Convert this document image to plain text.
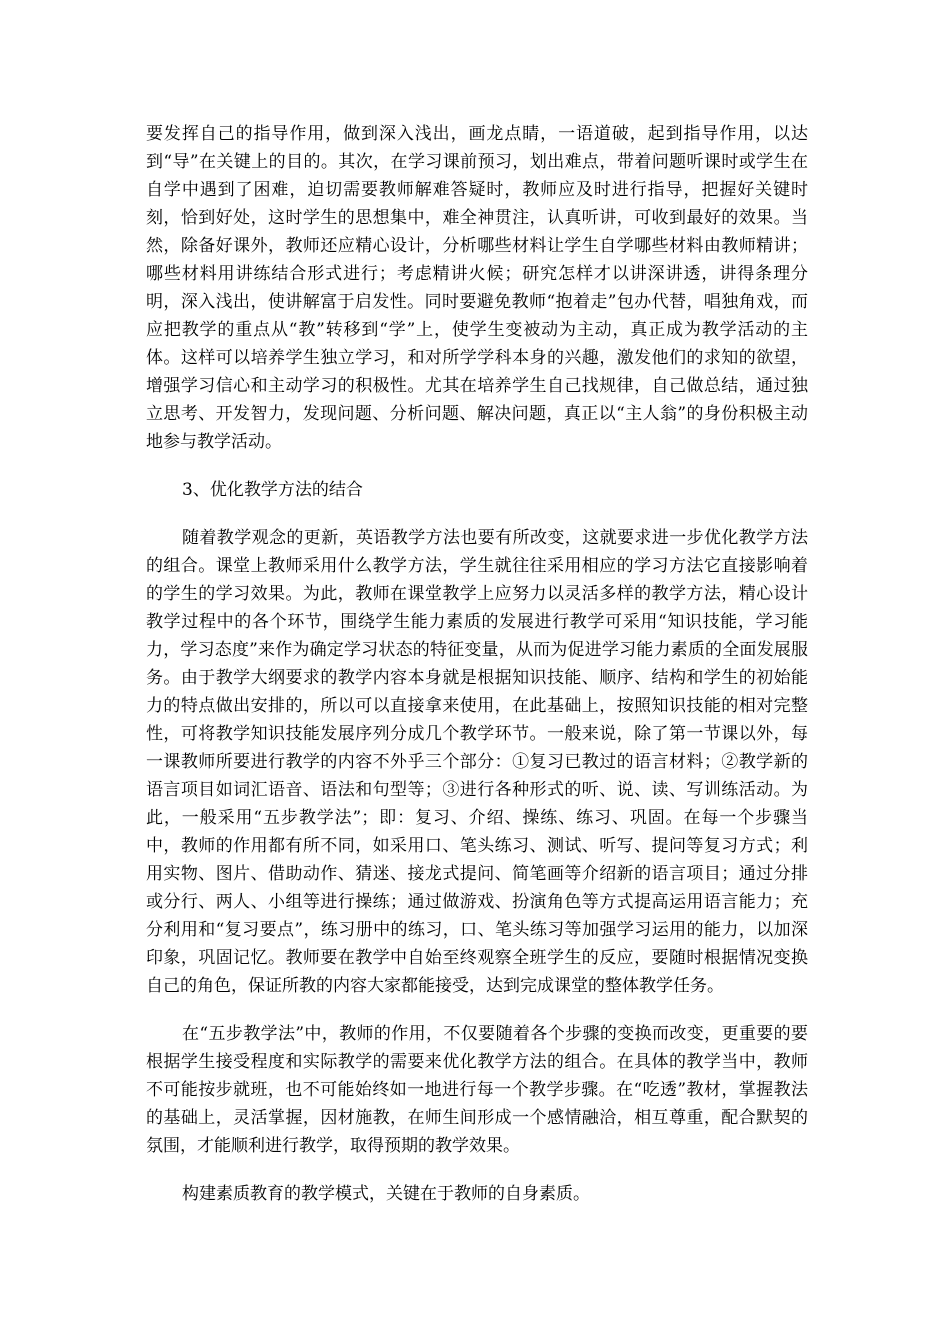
要发挥自己的指导作用，做到深入浅出，画龙点睛，一语道破，起到指导作用，以达到“导”在关键上的目的。其次，在学习课前预习，划出难点，带着问题听课时或学生在自学中遇到了困难，迫切需要教师解难答疑时，教师应及时进行指导，把握好关键时刻，恰到好处，这时学生的思想集中，难全神贯注，认真听讲，可收到最好的效果。当然，除备好课外，教师还应精心设计，分析哪些材料让学生自学哪些材料由教师精讲；哪些材料用讲练结合形式进行；考虑精讲火候；研究怎样才以讲深讲透，讲得条理分明，深入浅出，使讲解富于启发性。同时要避免教师“抱着走”包办代替，唱独角戏，而应把教学的重点从“教”转移到“学”上，使学生变被动为主动，真正成为教学活动的主体。这样可以培养学生独立学习，和对所学学科本身的兴趣，激发他们的求知的欲望，增强学习信心和主动学习的积极性。尤其在培养学生自己找规律，自己做总结，通过独立思考、开发智力，发现问题、分析问题、解决问题，真正以“主人翁”的身份积极主动地参与教学活动。

3、优化教学方法的结合

随着教学观念的更新，英语教学方法也要有所改变，这就要求进一步优化教学方法的组合。课堂上教师采用什么教学方法，学生就往往采用相应的学习方法它直接影响着的学生的学习效果。为此，教师在课堂教学上应努力以灵活多样的教学方法，精心设计教学过程中的各个环节，围绕学生能力素质的发展进行教学可采用“知识技能，学习能力，学习态度”来作为确定学习状态的特征变量，从而为促进学习能力素质的全面发展服务。由于教学大纲要求的教学内容本身就是根据知识技能、顺序、结构和学生的初始能力的特点做出安排的，所以可以直接拿来使用，在此基础上，按照知识技能的相对完整性，可将教学知识技能发展序列分成几个教学环节。一般来说，除了第一节课以外，每一课教师所要进行教学的内容不外乎三个部分：①复习已教过的语言材料；②教学新的语言项目如词汇语音、语法和句型等；③进行各种形式的听、说、读、写训练活动。为此，一般采用“五步教学法”；即：复习、介绍、操练、练习、巩固。在每一个步骤当中，教师的作用都有所不同，如采用口、笔头练习、测试、听写、提问等复习方式；利用实物、图片、借助动作、猜迷、接龙式提问、简笔画等介绍新的语言项目；通过分排或分行、两人、小组等进行操练；通过做游戏、扮演角色等方式提高运用语言能力；充分利用和“复习要点”，练习册中的练习，口、笔头练习等加强学习运用的能力，以加深印象，巩固记忆。教师要在教学中自始至终观察全班学生的反应，要随时根据情况变换自己的角色，保证所教的内容大家都能接受，达到完成课堂的整体教学任务。

在“五步教学法”中，教师的作用，不仅要随着各个步骤的变换而改变，更重要的要根据学生接受程度和实际教学的需要来优化教学方法的组合。在具体的教学当中，教师不可能按步就班，也不可能始终如一地进行每一个教学步骤。在“吃透”教材，掌握教法的基础上，灵活掌握，因材施教，在师生间形成一个感情融洽，相互尊重，配合默契的氛围，才能顺利进行教学，取得预期的教学效果。

构建素质教育的教学模式，关键在于教师的自身素质。
